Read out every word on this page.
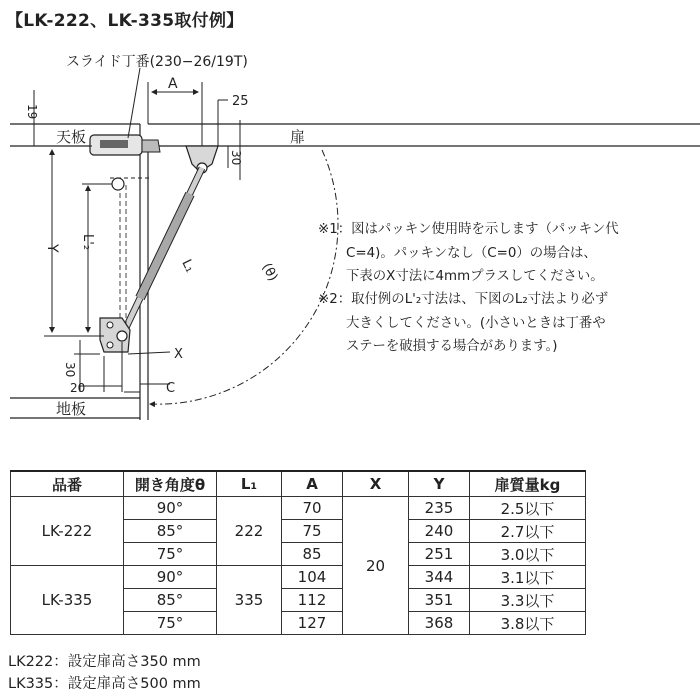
【LK-222、LK-335取付例】
スライド丁番(230−26/19T)
天板	扉
地板
A
25
19
30
Y L'₂
L₁	(θ)
30
20
X
C
※1：図はパッキン使用時を示します（パッキン代
C=4)。パッキンなし（C=0）の場合は、
下表のX寸法に4mmプラスしてください。
※2：取付例のL'₂寸法は、下図のL₂寸法より必ず
大きくしてください。(小さいときは丁番や
ステーを破損する場合があります。)
品番	開き角度θ	L₁	A	X	Y	扉質量kg
LK-222	90°	222	70	20	235	2.5以下
	85°		75		240	2.7以下
	75°		85		251	3.0以下
LK-335	90°	335	104		344	3.1以下
	85°		112		351	3.3以下
	75°		127		368	3.8以下
LK222：設定扉高さ350 mm
LK335：設定扉高さ500 mm
